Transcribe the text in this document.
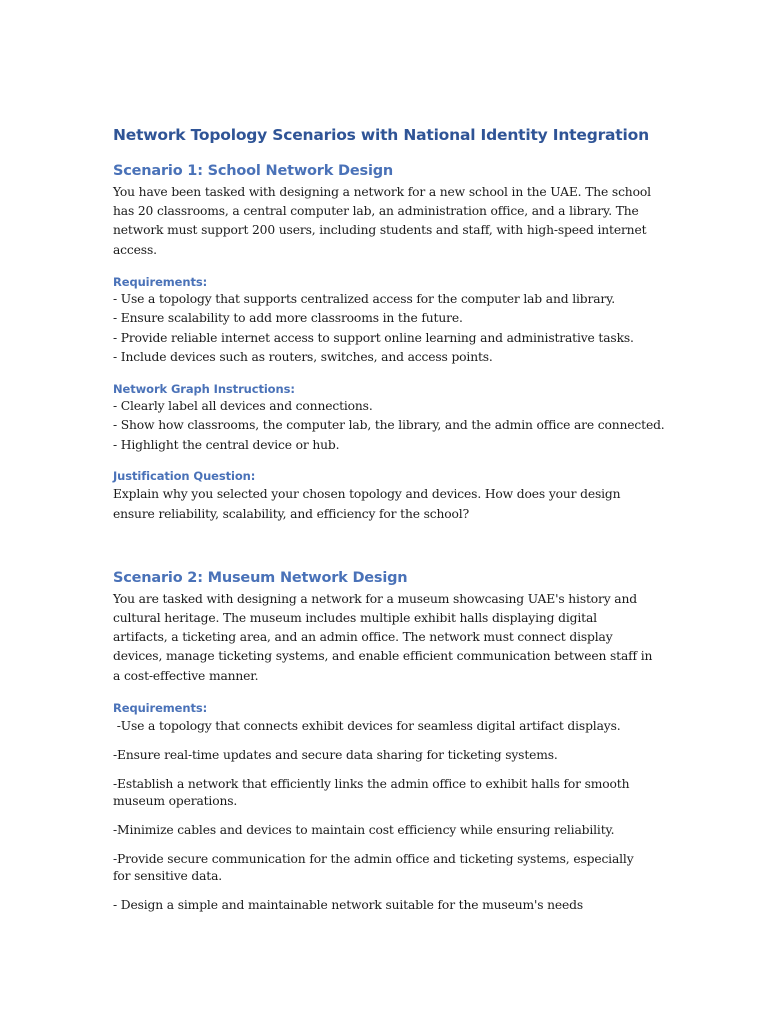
Network Topology Scenarios with National Identity Integration
Scenario 1: School Network Design

You have been tasked with designing a network for a new school in the UAE. The school has 20 classrooms, a central computer lab, an administration office, and a library. The network must support 200 users, including students and staff, with high-speed internet access.

Requirements:

- Use a topology that supports centralized access for the computer lab and library.

- Ensure scalability to add more classrooms in the future.

- Provide reliable internet access to support online learning and administrative tasks.

- Include devices such as routers, switches, and access points.

Network Graph Instructions:

- Clearly label all devices and connections.

- Show how classrooms, the computer lab, the library, and the admin office are connected.

- Highlight the central device or hub.

Justification Question:

Explain why you selected your chosen topology and devices. How does your design ensure reliability, scalability, and efficiency for the school?

Scenario 2: Museum Network Design

You are tasked with designing a network for a museum showcasing UAE's history and cultural heritage. The museum includes multiple exhibit halls displaying digital artifacts, a ticketing area, and an admin office. The network must connect display devices, manage ticketing systems, and enable efficient communication between staff in a cost-effective manner.

Requirements:

-Use a topology that connects exhibit devices for seamless digital artifact displays.

-Ensure real-time updates and secure data sharing for ticketing systems.

-Establish a network that efficiently links the admin office to exhibit halls for smooth museum operations.

-Minimize cables and devices to maintain cost efficiency while ensuring reliability.

-Provide secure communication for the admin office and ticketing systems, especially for sensitive data.

- Design a simple and maintainable network suitable for the museum's needs
